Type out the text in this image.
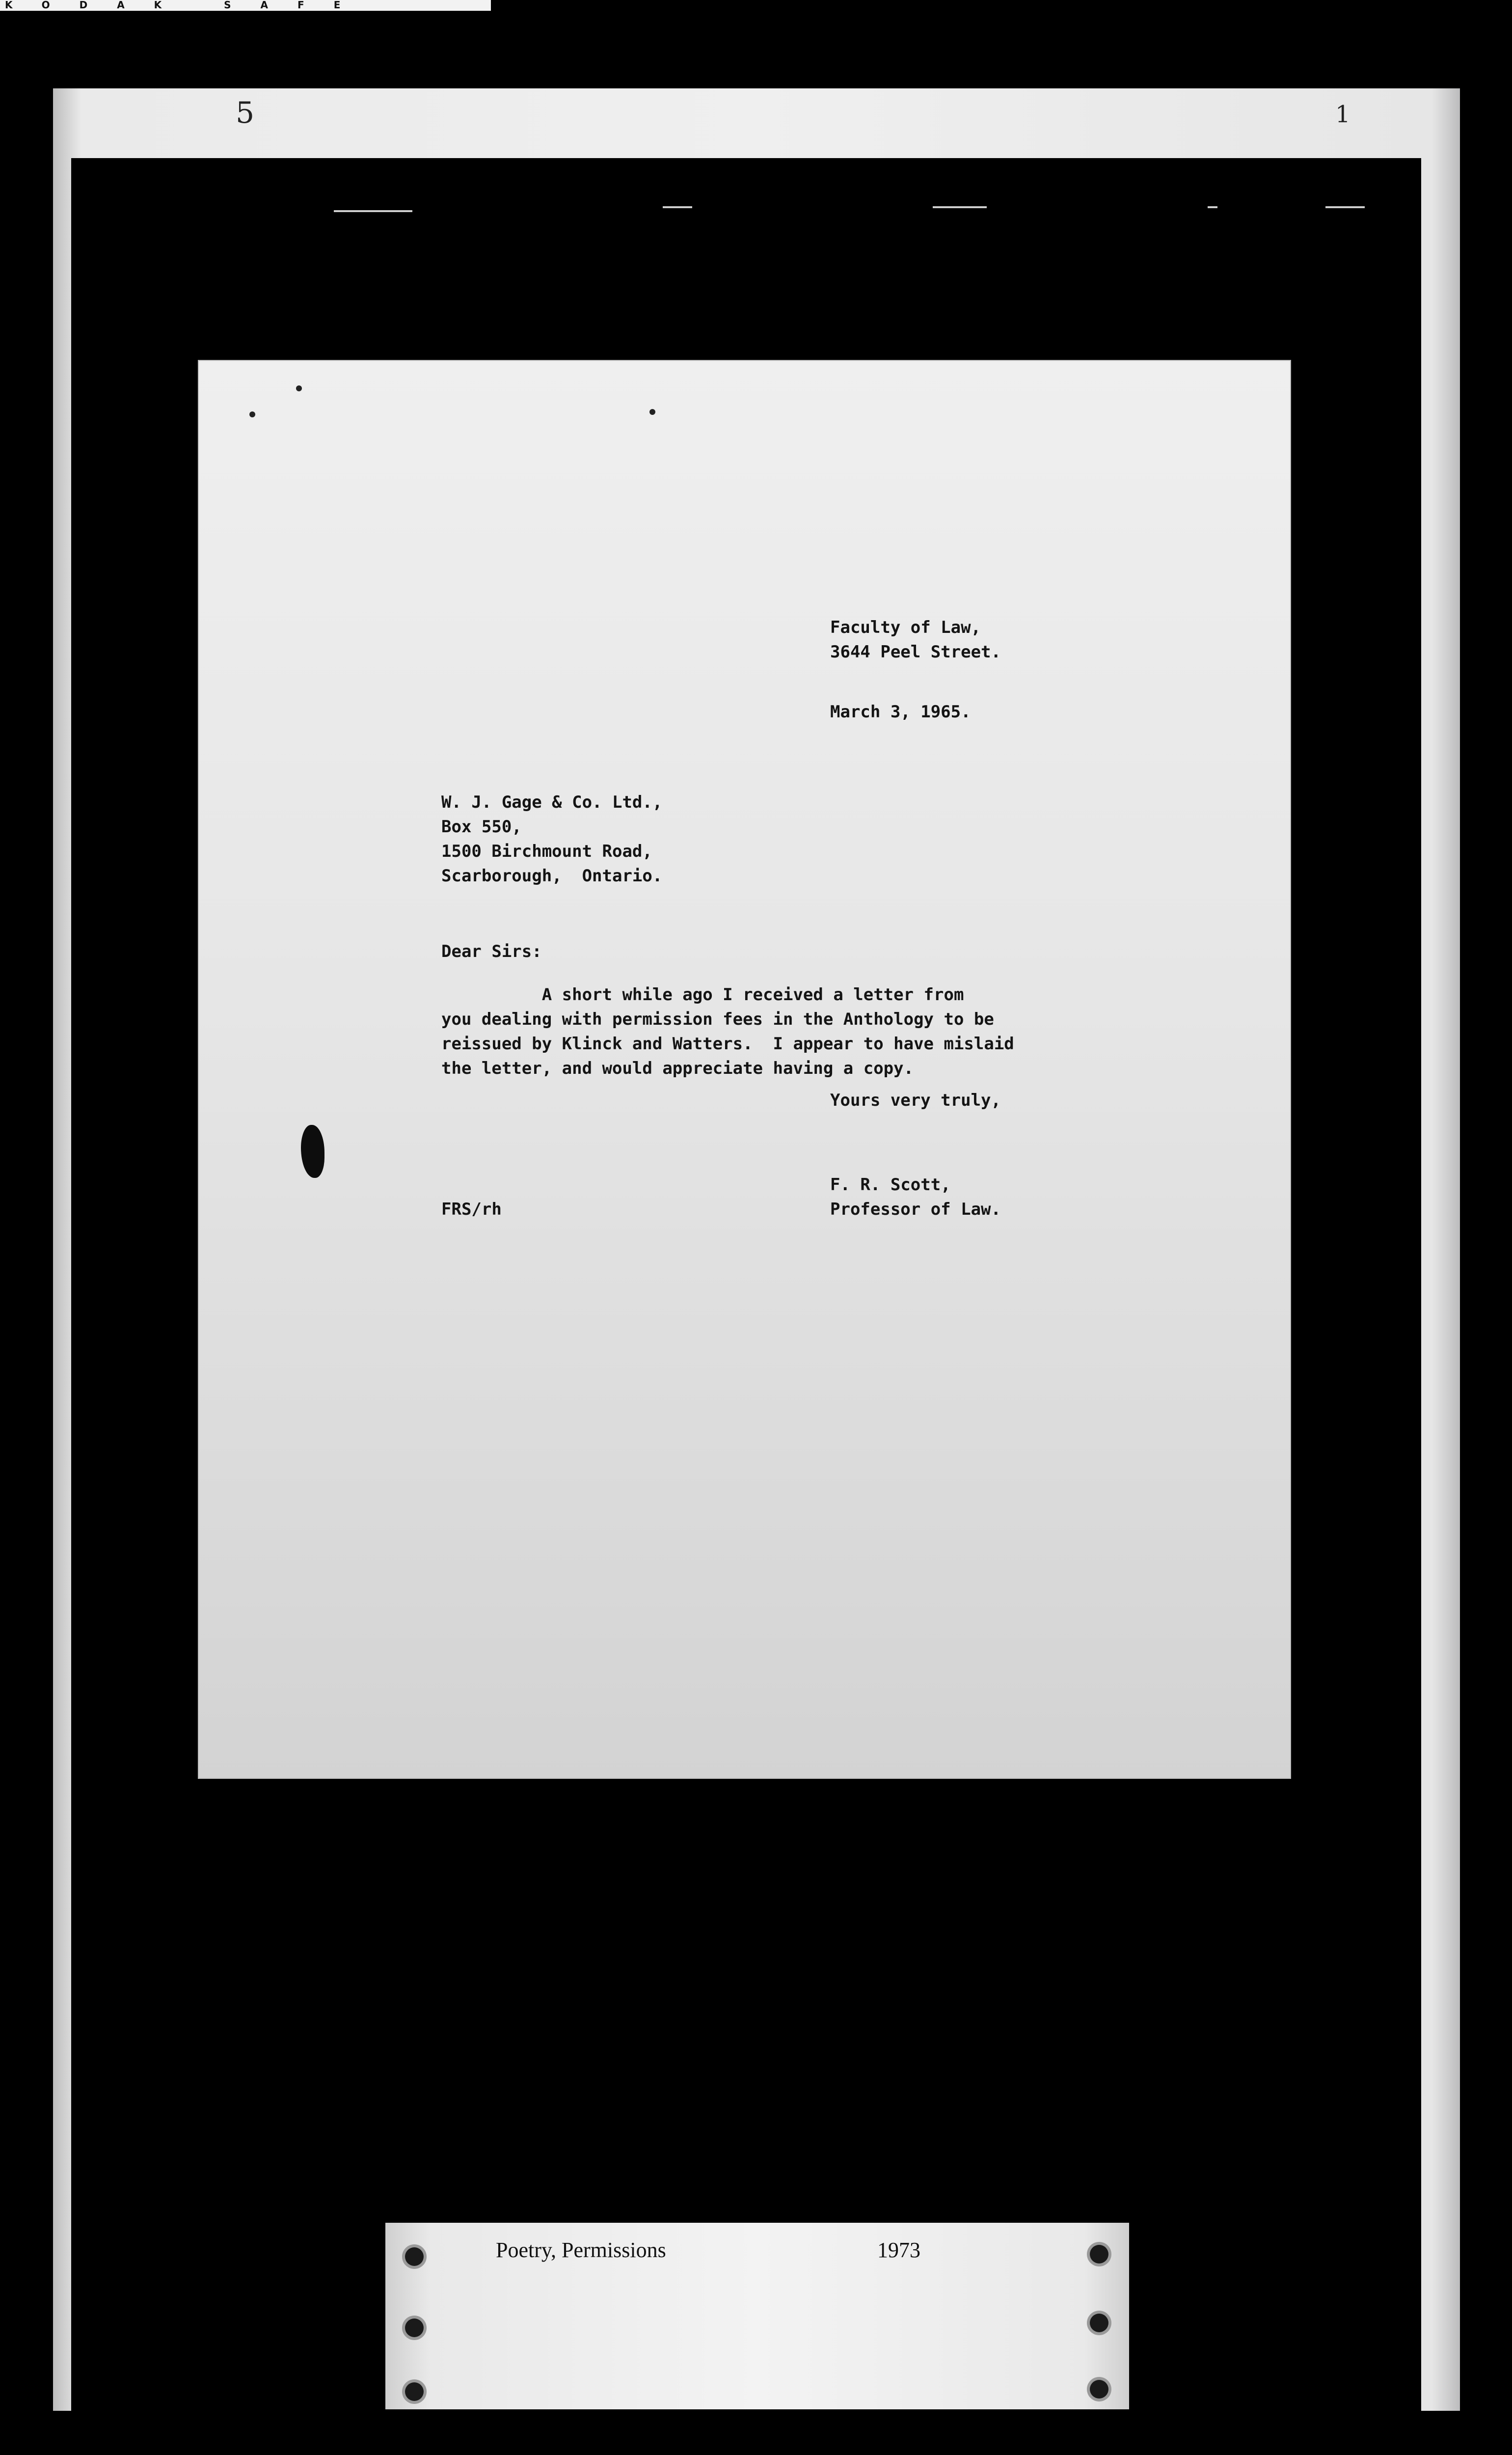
KODAK SAFE
5	1
Faculty of Law,
3644 Peel Street.
March 3, 1965.
W. J. Gage & Co. Ltd.,
Box 550,
1500 Birchmount Road,
Scarborough,  Ontario.
Dear Sirs:
A short while ago I received a letter from
you dealing with permission fees in the Anthology to be
reissued by Klinck and Watters.  I appear to have mislaid
the letter, and would appreciate having a copy.
Yours very truly,
F. R. Scott,
Professor of Law.
FRS/rh
Poetry, Permissions	1973
